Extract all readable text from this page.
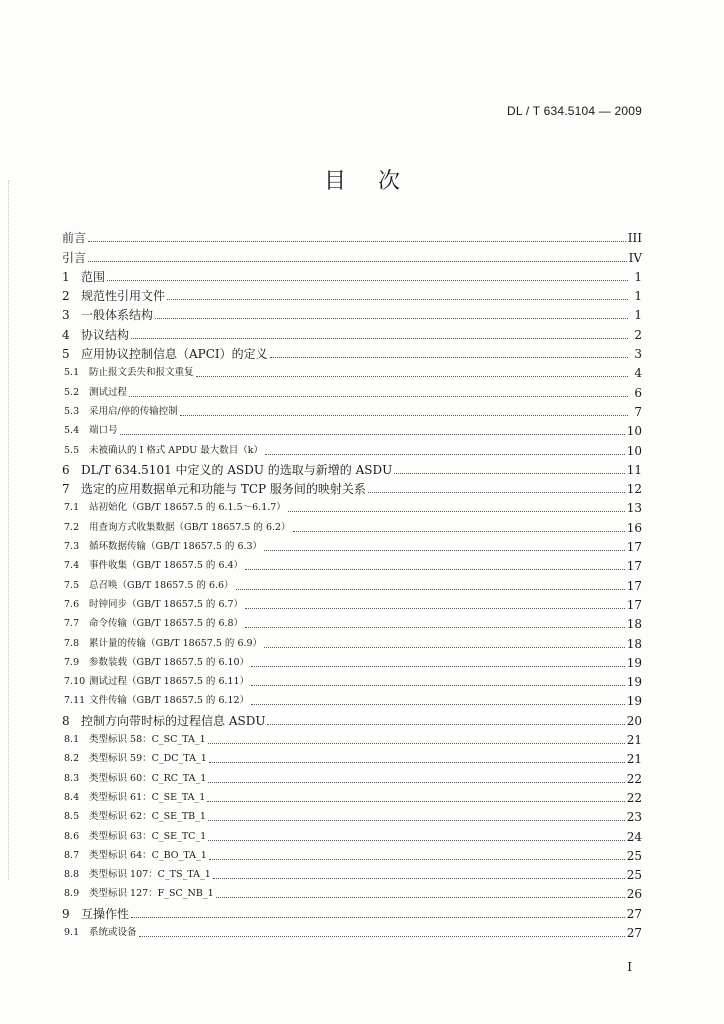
DL / T 634.5104 — 2009
目 次
前言	III
引言	IV
1 范围	1
2 规范性引用文件	1
3 一般体系结构	1
4 协议结构	2
5 应用协议控制信息（APCI）的定义	3
5.1	防止报文丢失和报文重复	4
5.2	测试过程	6
5.3	采用启/停的传输控制	7
5.4	端口号	10
5.5	未被确认的 I 格式 APDU 最大数目（k）	10
6 DL/T 634.5101 中定义的 ASDU 的选取与新增的 ASDU	11
7 选定的应用数据单元和功能与 TCP 服务间的映射关系	12
7.1	站初始化（GB/T 18657.5 的 6.1.5～6.1.7）	13
7.2	用查询方式收集数据（GB/T 18657.5 的 6.2）	16
7.3	循环数据传输（GB/T 18657.5 的 6.3）	17
7.4	事件收集（GB/T 18657.5 的 6.4）	17
7.5	总召唤（GB/T 18657.5 的 6.6）	17
7.6	时钟同步（GB/T 18657.5 的 6.7）	17
7.7	命令传输（GB/T 18657.5 的 6.8）	18
7.8	累计量的传输（GB/T 18657.5 的 6.9）	18
7.9	参数装载（GB/T 18657.5 的 6.10）	19
7.10 测试过程（GB/T 18657.5 的 6.11）	19
7.11 文件传输（GB/T 18657.5 的 6.12）	19
8 控制方向带时标的过程信息 ASDU	20
8.1	类型标识 58：C_SC_TA_1	21
8.2	类型标识 59：C_DC_TA_1	21
8.3	类型标识 60：C_RC_TA_1	22
8.4	类型标识 61：C_SE_TA_1	22
8.5	类型标识 62：C_SE_TB_1	23
8.6	类型标识 63：C_SE_TC_1	24
8.7	类型标识 64：C_BO_TA_1	25
8.8	类型标识 107：C_TS_TA_1	25
8.9	类型标识 127：F_SC_NB_1	26
9 互操作性	27
9.1	系统或设备	27
I
